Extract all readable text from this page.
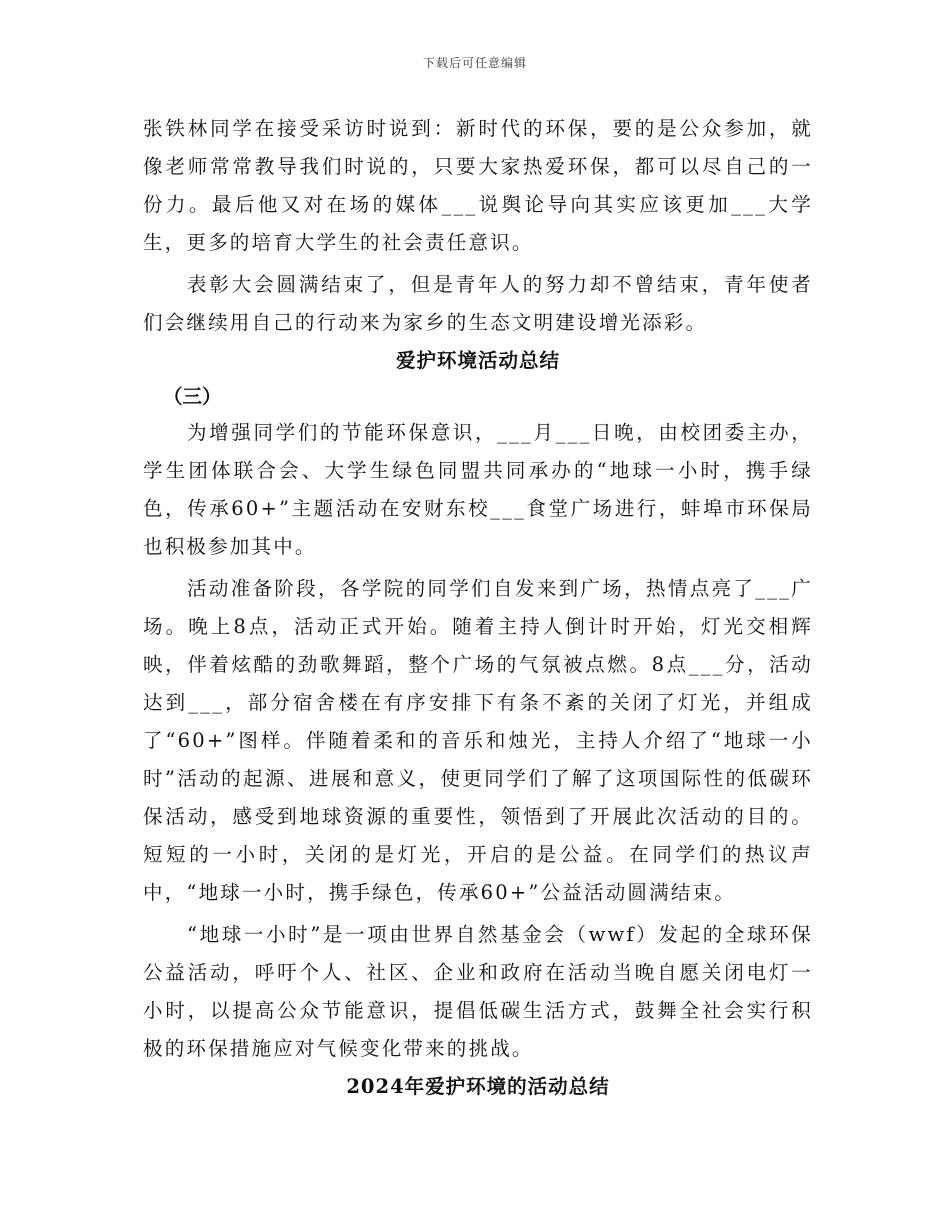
下载后可任意编辑

张铁林同学在接受采访时说到：新时代的环保，要的是公众参加，就像老师常常教导我们时说的，只要大家热爱环保，都可以尽自己的一份力。最后他又对在场的媒体___说舆论导向其实应该更加___大学生，更多的培育大学生的社会责任意识。

表彰大会圆满结束了，但是青年人的努力却不曾结束，青年使者们会继续用自己的行动来为家乡的生态文明建设增光添彩。

爱护环境活动总结

（三）

为增强同学们的节能环保意识，___月___日晚，由校团委主办，学生团体联合会、大学生绿色同盟共同承办的“地球一小时，携手绿色，传承60+”主题活动在安财东校___食堂广场进行，蚌埠市环保局也积极参加其中。

活动准备阶段，各学院的同学们自发来到广场，热情点亮了___广场。晚上8点，活动正式开始。随着主持人倒计时开始，灯光交相辉映，伴着炫酷的劲歌舞蹈，整个广场的气氛被点燃。8点___分，活动达到___，部分宿舍楼在有序安排下有条不紊的关闭了灯光，并组成了“60+”图样。伴随着柔和的音乐和烛光，主持人介绍了“地球一小时”活动的起源、进展和意义，使更同学们了解了这项国际性的低碳环保活动，感受到地球资源的重要性，领悟到了开展此次活动的目的。短短的一小时，关闭的是灯光，开启的是公益。在同学们的热议声中，“地球一小时，携手绿色，传承60+”公益活动圆满结束。

“地球一小时”是一项由世界自然基金会（wwf）发起的全球环保公益活动，呼吁个人、社区、企业和政府在活动当晚自愿关闭电灯一小时，以提高公众节能意识，提倡低碳生活方式，鼓舞全社会实行积极的环保措施应对气候变化带来的挑战。

2024年爱护环境的活动总结
